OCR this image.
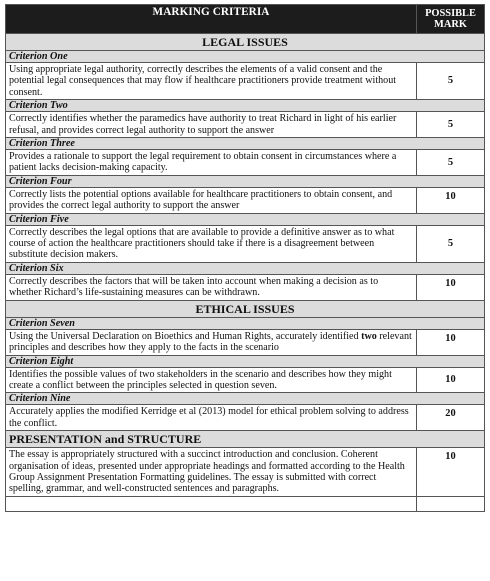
MARKING CRITERIA	POSSIBLE
MARK
LEGAL ISSUES	
Criterion One	
Using appropriate legal authority, correctly describes the elements of a valid consent and the potential legal consequences that may flow if healthcare practitioners provide treatment without consent.	5
Criterion Two	
Correctly identifies whether the paramedics have authority to treat Richard in light of his earlier refusal, and provides correct legal authority to support the answer	5
Criterion Three	
Provides a rationale to support the legal requirement to obtain consent in circumstances where a patient lacks decision-making capacity.	5
Criterion Four	
Correctly lists the potential options available for healthcare practitioners to obtain consent, and provides the correct legal authority to support the answer	10
Criterion Five	
Correctly describes the legal options that are available to provide a definitive answer as to what course of action the healthcare practitioners should take if there is a disagreement between substitute decision makers.	5
Criterion Six	
Correctly describes the factors that will be taken into account when making a decision as to whether Richard’s life-sustaining measures can be withdrawn.	10
ETHICAL ISSUES	
Criterion Seven	
Using the Universal Declaration on Bioethics and Human Rights, accurately identified two relevant principles and describes how they apply to the facts in the scenario	10
Criterion Eight	
Identifies the possible values of two stakeholders in the scenario and describes how they might create a conflict between the principles selected in question seven.	10
Criterion Nine	
Accurately applies the modified Kerridge et al (2013) model for ethical problem solving to address the conflict.	20
PRESENTATION and STRUCTURE	
The essay is appropriately structured with a succinct introduction and conclusion. Coherent organisation of ideas, presented under appropriate headings and formatted according to the Health Group Assignment Presentation Formatting guidelines. The essay is submitted with correct spelling, grammar, and well-constructed sentences and paragraphs.	10
